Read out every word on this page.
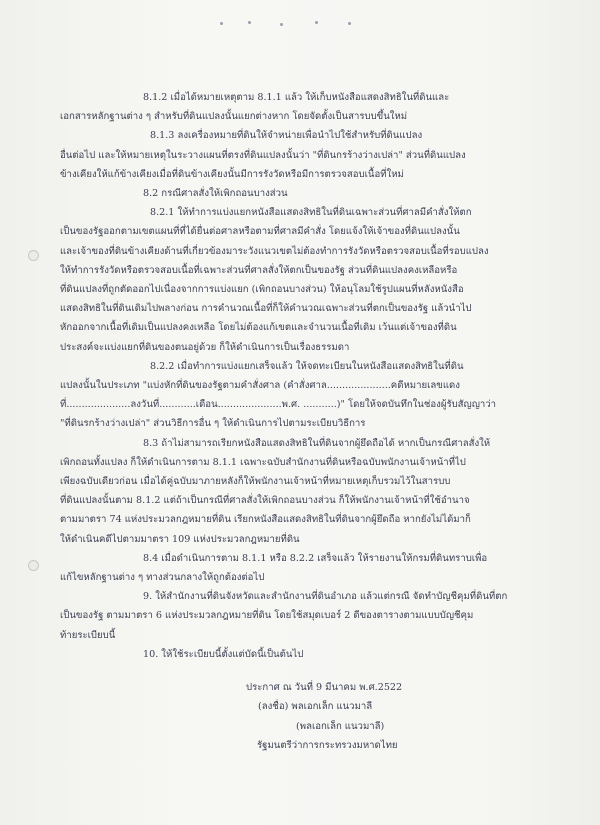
8.1.2 เมื่อได้หมายเหตุตาม 8.1.1 แล้ว ให้เก็บหนังสือแสดงสิทธิในที่ดินและ

เอกสารหลักฐานต่าง ๆ สำหรับที่ดินแปลงนั้นแยกต่างหาก โดยจัดตั้งเป็นสารบบขึ้นใหม่

8.1.3 ลงเครื่องหมายที่ดินให้จำหน่ายเพื่อนำไปใช้สำหรับที่ดินแปลง

อื่นต่อไป และให้หมายเหตุในระวางแผนที่ตรงที่ดินแปลงนั้นว่า "ที่ดินกรร้างว่างเปล่า" ส่วนที่ดินแปลง

ข้างเคียงให้แก้ข้างเคียงเมื่อที่ดินข้างเคียงนั้นมีการรังวัดหรือมีการตรวจสอบเนื้อที่ใหม่

8.2 กรณีศาลสั่งให้เพิกถอนบางส่วน

8.2.1 ให้ทำการแบ่งแยกหนังสือแสดงสิทธิในที่ดินเฉพาะส่วนที่ศาลมีคำสั่งให้ตก

เป็นของรัฐออกตามเขตแผนที่ที่ได้ยื่นต่อศาลหรือตามที่ศาลมีคำสั่ง โดยแจ้งให้เจ้าของที่ดินแปลงนั้น

และเจ้าของที่ดินข้างเคียงด้านที่เกี่ยวข้องมาระวังแนวเขตไม่ต้องทำการรังวัดหรือตรวจสอบเนื้อที่รอบแปลง

ให้ทำการรังวัดหรือตรวจสอบเนื้อที่เฉพาะส่วนที่ศาลสั่งให้ตกเป็นของรัฐ ส่วนที่ดินแปลงคงเหลือหรือ

ที่ดินแปลงที่ถูกตัดออกไปเนื่องจากการแบ่งแยก (เพิกถอนบางส่วน) ให้อนุโลมใช้รูปแผนที่หลังหนังสือ

แสดงสิทธิในที่ดินเดิมไปพลางก่อน การคำนวณเนื้อที่ก็ให้คำนวณเฉพาะส่วนที่ตกเป็นของรัฐ แล้วนำไป

หักออกจากเนื้อที่เดิมเป็นแปลงคงเหลือ โดยไม่ต้องแก้เขตและจำนวนเนื้อที่เดิม เว้นแต่เจ้าของที่ดิน

ประสงค์จะแบ่งแยกที่ดินของตนอยู่ด้วย ก็ให้ดำเนินการเป็นเรื่องธรรมดา

8.2.2 เมื่อทำการแบ่งแยกเสร็จแล้ว ให้จดทะเบียนในหนังสือแสดงสิทธิในที่ดิน

แปลงนั้นในประเภท "แบ่งหักที่ดินของรัฐตามคำสั่งศาล (คำสั่งศาล.....................คดีหมายเลขแดง

ที่.....................ลงวันที่............เดือน.....................พ.ศ. ...........)" โดยให้จดบันทึกในช่องผู้รับสัญญาว่า

"ที่ดินรกร้างว่างเปล่า" ส่วนวิธีการอื่น ๆ ให้ดำเนินการไปตามระเบียบวิธีการ

8.3 ถ้าไม่สามารถเรียกหนังสือแสดงสิทธิในที่ดินจากผู้ยึดถือได้ หากเป็นกรณีศาลสั่งให้

เพิกถอนทั้งแปลง ก็ให้ดำเนินการตาม 8.1.1 เฉพาะฉบับสำนักงานที่ดินหรือฉบับพนักงานเจ้าหน้าที่ไป

เพียงฉบับเดียวก่อน เมื่อได้คู่ฉบับมาภายหลังก็ให้พนักงานเจ้าหน้าที่หมายเหตุเก็บรวมไว้ในสารบบ

ที่ดินแปลงนั้นตาม 8.1.2 แต่ถ้าเป็นกรณีที่ศาลสั่งให้เพิกถอนบางส่วน ก็ให้พนักงานเจ้าหน้าที่ใช้อำนาจ

ตามมาตรา 74 แห่งประมวลกฎหมายที่ดิน เรียกหนังสือแสดงสิทธิในที่ดินจากผู้ยึดถือ หากยังไม่ได้มาก็

ให้ดำเนินคดีไปตามมาตรา 109 แห่งประมวลกฎหมายที่ดิน

8.4 เมื่อดำเนินการตาม 8.1.1 หรือ 8.2.2 เสร็จแล้ว ให้รายงานให้กรมที่ดินทราบเพื่อ

แก้ไขหลักฐานต่าง ๆ ทางส่วนกลางให้ถูกต้องต่อไป

9. ให้สำนักงานที่ดินจังหวัดและสำนักงานที่ดินอำเภอ แล้วแต่กรณี จัดทำบัญชีคุมที่ดินที่ตก

เป็นของรัฐ ตามมาตรา 6 แห่งประมวลกฎหมายที่ดิน โดยใช้สมุดเบอร์ 2 ดีของตารางตามแบบบัญชีคุม

ท้ายระเบียบนี้

10. ให้ใช้ระเบียบนี้ตั้งแต่บัดนี้เป็นต้นไป

ประกาศ ณ วันที่ 9 มีนาคม พ.ศ.2522
(ลงชื่อ) พลเอกเล็ก แนวมาลี
(พลเอกเล็ก แนวมาลี)
รัฐมนตรีว่าการกระทรวงมหาดไทย
